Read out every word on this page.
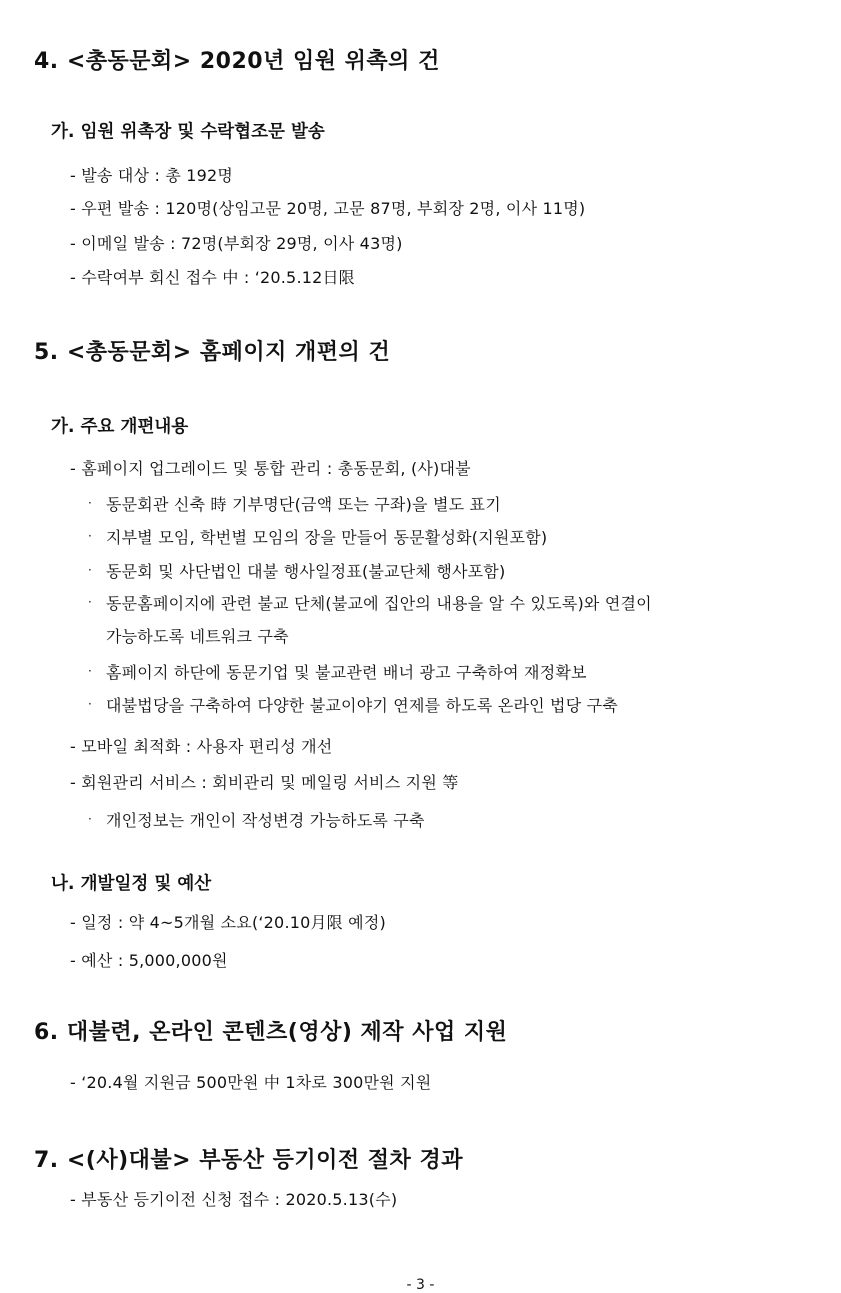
4. <총동문회> 2020년 임원 위촉의 건
가. 임원 위촉장 및 수락협조문 발송
- 발송 대상 : 총 192명
- 우편 발송 : 120명(상임고문 20명, 고문 87명, 부회장 2명, 이사 11명)
- 이메일 발송 : 72명(부회장 29명, 이사 43명)
- 수락여부 회신 접수 中 : ‘20.5.12日限
5. <총동문회> 홈페이지 개편의 건
가. 주요 개편내용
- 홈페이지 업그레이드 및 통합 관리 : 총동문회, (사)대불
· 동문회관 신축 時 기부명단(금액 또는 구좌)을 별도 표기
· 지부별 모임, 학번별 모임의 장을 만들어 동문활성화(지원포함)
· 동문회 및 사단법인 대불 행사일정표(불교단체 행사포함)
· 동문홈페이지에 관련 불교 단체(불교에 집안의 내용을 알 수 있도록)와 연결이
가능하도록 네트워크 구축
· 홈페이지 하단에 동문기업 및 불교관련 배너 광고 구축하여 재정확보
· 대불법당을 구축하여 다양한 불교이야기 연제를 하도록 온라인 법당 구축
- 모바일 최적화 : 사용자 편리성 개선
- 회원관리 서비스 : 회비관리 및 메일링 서비스 지원 等
· 개인정보는 개인이 작성변경 가능하도록 구축
나. 개발일정 및 예산
- 일정 : 약 4~5개월 소요(‘20.10月限 예정)
- 예산 : 5,000,000원
6. 대불련, 온라인 콘텐츠(영상) 제작 사업 지원
- ‘20.4월 지원금 500만원 中 1차로 300만원 지원
7. <(사)대불> 부동산 등기이전 절차 경과
- 부동산 등기이전 신청 접수 : 2020.5.13(수)
- 3 -
